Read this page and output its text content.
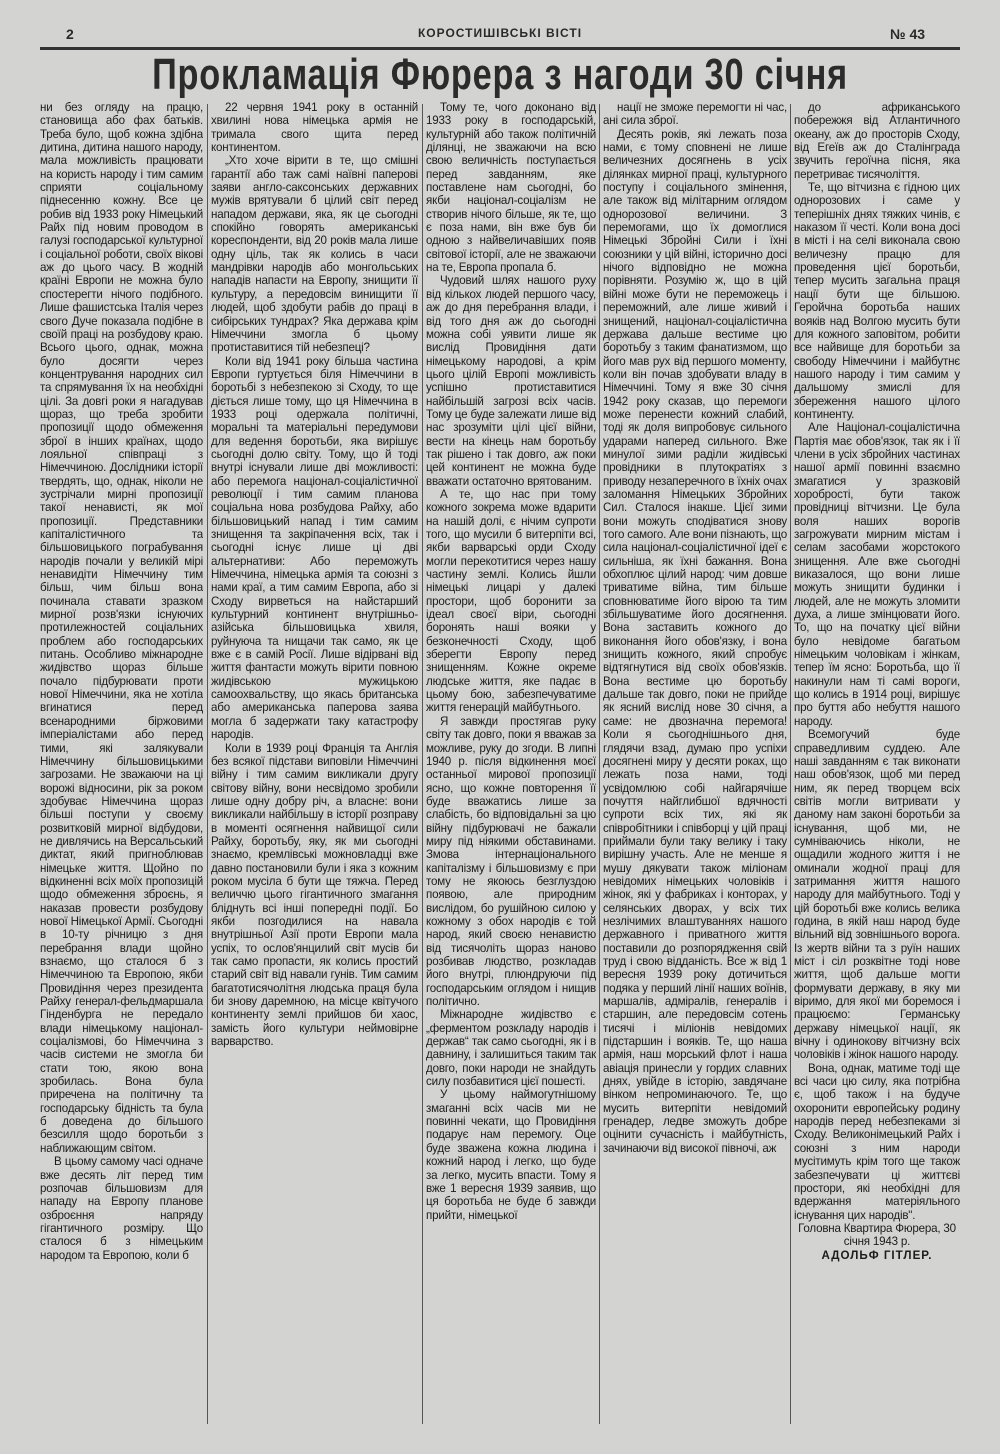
2	КОРОСТИШІВСЬКІ ВІСТІ	№ 43
Прокламація Фюрера з нагоди 30 січня

ни без огляду на працю, становища або фах батьків. Треба було, щоб кожна здібна дитина, дитина нашого народу, мала можливість працювати на користь народу і тим самим сприяти соціальному піднесенню кожну. Все це робив від 1933 року Німецький Райх під новим проводом в галузі господарської культурної і соціальної роботи, своїх вікові аж до цього часу. В жодній країні Европи не можна було спостерегти нічого подібного. Лише фашистська Італія через свого Дуче показала подібне в своїй праці на розбудову краю. Всього цього, однак, можна було досягти через концентрування народних сил та спрямування їх на необхідні цілі. За довгі роки я нагадував щораз, що треба зробити пропозиції щодо обмеження зброї в інших країнах, щодо лояльної співпраці з Німеччиною. Дослідники історії твердять, що, однак, ніколи не зустрічали мирні пропозиції такої ненависті, як мої пропозиції. Представники капіталістичного та більшовицького пограбування народів почали у великій мірі ненавидіти Німеччину тим більш, чим більш вона починала ставати зразком мирної розв'язки існуючих протилежностей соціальних проблем або господарських питань. Особливо міжнародне жидівство щораз більше почало підбурювати проти нової Німеччини, яка не хотіла вгинатися перед всенародними біржовими імперіалістами або перед тими, які залякували Німеччину більшовицькими загрозами. Не зважаючи на ці ворожі відносини, рік за роком здобуває Німеччина щораз більші поступи у своєму розвитковій мирної відбудови, не дивлячись на Версальський диктат, який пригноблював німецьке життя. Щойно по відкиненні всіх моїх пропозицій щодо обмеження зброєнь, я наказав провести розбудову нової Німецької Армії. Сьогодні в 10-ту річницю з дня перебрання влади щойно взнаємо, що сталося б з Німеччиною та Европою, якби Провидіння через президента Райху генерал-фельдмаршала Гінденбурга не передало влади німецькому націонал-соціалізмові, бо Німеччина з часів системи не змогла би стати тою, якою вона зробилась. Вона була приречена на політичну та господарську бідність та була б доведена до більшого безсилля щодо боротьби з наближающим світом.

В цьому самому часі одначе вже десять літ перед тим розпочав більшовизм для нападу на Европу планове озброєння напряду гігантичного розміру. Що сталося б з німецьким народом та Европою, коли б

22 червня 1941 року в останній хвилині нова німецька армія не тримала свого щита перед континентом.

„Хто хоче вірити в те, що смішні гарантії або таж самі наївні паперові заяви англо-саксонських державних мужів врятували б цілий світ перед нападом держави, яка, як це сьогодні спокійно говорять американські кореспонденти, від 20 років мала лише одну ціль, так як колись в часи мандрівки народів або монгольських нападів напасти на Европу, знищити її культуру, а передовсім винищити її людей, щоб здобути рабів до праці в сибірських тундрах? Яка держава крім Німеччини змогла б цьому протиставитися тій небезпеці?

Коли від 1941 року більша частина Европи гуртується біля Німеччини в боротьбі з небезпекою зі Сходу, то ще діється лише тому, що ця Німеччина в 1933 році одержала політичні, моральні та матеріальні передумови для ведення боротьби, яка вирішує сьогодні долю світу. Тому, що й тоді внутрі існували лише дві можливості: або перемога націонал-соціалістичної революції і тим самим планова соціальна нова розбудова Райху, або більшовицький напад і тим самим знищення та закріпачення всіх, так і сьогодні існує лише ці дві альтернативи: Або переможуть Німеччина, німецька армія та союзні з нами краї, а тим самим Европа, або зі Сходу вирветься на найстарший культурний континент внутрішньо-азійська більшовицька хвиля, руйнуюча та нищачи так само, як це вже є в самій Росії. Лише відірвані від життя фантасти можуть вірити повною жидівською мужицькою самоохвальству, що якась британська або американська паперова заява могла б задержати таку катастрофу народів.

Коли в 1939 році Франція та Англія без всякої підстави виповіли Німеччині війну і тим самим викликали другу світову війну, вони несвідомо зробили лише одну добру річ, а власне: вони викликали найбільшу в історії розправу в моменті осягнення найвищої сили Райху, боротьбу, яку, як ми сьогодні знаємо, кремлівські можновладці вже давно постановили були і яка з кожним роком мусіла б бути ще тяжча. Перед величчю цього гігантичного змагання бліднуть всі інші попередні події. Бо якби позгодилися на навала внутрішньої Азії проти Европи мала успіх, то ослов'янцилий світ мусів би так само пропасти, як колись простий старий світ від навали гунів. Тим самим багатотисячолітня людська праця була би знову даремною, на місце квітучого континенту землі прийшов би хаос, замість його культури неймовірне варварство.

Тому те, чого доконано від 1933 року в господарській, культурній або також політичній ділянці, не зважаючи на всю свою величність поступається перед завданням, яке поставлене нам сьогодні, бо якби націонал-соціалізм не створив нічого більше, як те, що є поза нами, він вже був би одною з найвеличавіших появ світової історії, але не зважаючи на те, Европа пропала б.

Чудовий шлях нашого руху від кількох людей першого часу, аж до дня перебрання влади, і від того дня аж до сьогодні можна собі уявити лише як вислід Провидіння дати німецькому народові, а крім цього цілій Европі можливість успішно протиставитися найбільшій загрозі всіх часів. Тому це буде залежати лише від нас зрозуміти цілі цієї війни, вести на кінець нам боротьбу так рішено і так довго, аж поки цей континент не можна буде вважати остаточно врятованим.

А те, що нас при тому кожного зокрема може вдарити на нашій долі, є нічим супроти того, що мусили б витерпіти всі, якби варварські орди Сходу могли перекотитися через нашу частину землі. Колись йшли німецькі лицарі у далекі простори, щоб боронити за ідеал своєї віри, сьогодні боронять наші вояки у безконечності Сходу, щоб зберегти Европу перед знищенням. Кожне окреме людське життя, яке падає в цьому бою, забезпечуватиме життя генерацій майбутнього.

Я завжди простягав руку світу так довго, поки я вважав за можливе, руку до згоди. В липні 1940 р. після відкинення моєї останньої мирової пропозиції ясно, що кожне повторення її буде вважатись лише за слабість, бо відповідальні за цю війну підбурювачі не бажали миру під ніякими обставинами. Змова інтернаціонального капіталізму і більшовизму є при тому не якоюсь безглуздою появою, але природним вислідом, бо рушійною силою у кожному з обох народів є той народ, який своєю ненавистю від тисячоліть щораз наново розбивав людство, розкладав його внутрі, плюндруючи під господарським оглядом і нищив політично.

Міжнародне жидівство є „ферментом розкладу народів і держав“ так само сьогодні, як і в давнину, і залишиться таким так довго, поки народи не знайдуть силу позбавитися цієї пошесті.

У цьому наймогутнішому змаганні всіх часів ми не повинні чекати, що Провидіння подарує нам перемогу. Оце буде зважена кожна людина і кожний народ і легко, що буде за легко, мусить впасти. Тому я вже 1 вересня 1939 заявив, що ця боротьба не буде б завжди прийти, німецької

нації не зможе перемогти ні час, ані сила зброї.

Десять років, які лежать поза нами, є тому сповнені не лише величезних досягнень в усіх ділянках мирної праці, культурного поступу і соціального змінення, але також від мілітарним оглядом однорозової величини. З перемогами, що їх домоглися Німецькі Збройні Сили і їхні союзники у цій війні, історично досі нічого відповідно не можна порівняти. Розумію ж, що в цій війні може бути не переможець і переможний, але лише живий і знищений, націонал-соціалістична держава дальше вестиме цю боротьбу з таким фанатизмом, що його мав рух від першого моменту, коли він почав здобувати владу в Німеччині. Тому я вже 30 січня 1942 року сказав, що перемоги може перенести кожний слабий, тоді як доля випробовує сильного ударами наперед сильного. Вже минулої зими раділи жидівські провідники в плутократіях з приводу незаперечного в їхніх очах заломання Німецьких Збройних Сил. Сталося інакше. Цієї зими вони можуть сподіватися знову того самого. Але вони пізнають, що сила націонал-соціалістичної ідеї є сильніша, як їхні бажання. Вона обхоплює цілий народ: чим довше триватиме війна, тим більше сповнюватиме його вірою та тим збільшуватиме його досягнення. Вона заставить кожного до виконання його обов'язку, і вона знищить кожного, який спробує відтягнутися від своїх обов'язків. Вона вестиме цю боротьбу дальше так довго, поки не прийде як ясний вислід нове 30 січня, а саме: не двозначна перемога! Коли я сьогоднішнього дня, глядячи взад, думаю про успіхи досягнені миру у десяти роках, що лежать поза нами, тоді усвідомлюю собі найгарячіше почуття найглибшої вдячності супроти всіх тих, які як співробітники і співборці у цій праці приймали були таку велику і таку вирішну участь. Але не менше я мушу дякувати також міліонам невідомих німецьких чоловіків і жінок, які у фабриках і конторах, у селянських дворах, у всіх тих незлічимих влаштуваннях нашого державного і приватного життя поставили до розпорядження свій труд і свою відданість. Все ж від 1 вересня 1939 року дотичиться подяка у перший лінії наших воїнів, маршалів, адміралів, генералів і старшин, але передовсім сотень тисячі і міліонів невідомих підстаршин і вояків. Те, що наша армія, наш морський флот і наша авіація принесли у гордих славних днях, увійде в історію, завдячане вінком непроминаючого. Те, що мусить витерпіти невідомий гренадер, ледве зможуть добре оцінити сучасність і майбутність, зачинаючи від високої півночі, аж

до африканського побережжя від Атлантичного океану, аж до просторів Сходу, від Егеїв аж до Сталінграда звучить героїчна пісня, яка перетриває тисячоліття.

Те, що вітчизна є гідною цих однорозових і саме у теперішніх днях тяжких чинів, є наказом її честі. Коли вона досі в місті і на селі виконала свою величезну працю для проведення цієї боротьби, тепер мусить загальна праця нації бути ще більшою. Геройчна боротьба наших вояків над Волгою мусить бути для кожного заповітом, робити все найвище для боротьби за свободу Німеччини і майбутнє нашого народу і тим самим у дальшому змислі для збереження нашого цілого континенту.

Але Націонал-соціалістична Партія має обов'язок, так як і її члени в усіх збройних частинах нашої армії повинні взаємно змагатися у зразковій хоробрості, бути також провідниці вітчизни. Це була воля наших ворогів загрожувати мирним містам і селам засобами жорстокого знищення. Але вже сьогодні виказалося, що вони лише можуть знищити будинки і людей, але не можуть зломити духа, а лише змінцювати його. То, що на початку цієї війни було невідоме багатьом німецьким чоловікам і жінкам, тепер їм ясно: Боротьба, що її накинули нам ті самі вороги, що колись в 1914 році, вирішує про буття або небуття нашого народу.

Всемогучий буде справедливим суддею. Але наші завданням є так виконати наш обов'язок, щоб ми перед ним, як перед творцем всіх світів могли витривати у даному нам законі боротьби за існування, щоб ми, не сумніваючись ніколи, не ощадили жодного життя і не оминали жодної праці для затримання життя нашого народу для майбутнього. Тоді у цій боротьбі вже колись велика година, в якій наш народ буде вільний від зовнішнього ворога. Із жертв війни та з руїн наших міст і сіл розквітне тоді нове життя, щоб дальше могти формувати державу, в яку ми віримо, для якої ми боремося і працюємо: Германську державу німецької нації, як вічну і одинокову вітчизну всіх чоловіків і жінок нашого народу.

Вона, однак, матиме тоді ще всі часи цю силу, яка потрібна є, щоб також і на будуче охоронити европейську родину народів перед небезпеками зі Сходу. Великонімецький Райх і союзні з ним народи мусітимуть крім того ще також забезпечувати ці життєві простори, які необхідні для вдержання матеріяльного існування цих народів".

Головна Квартира Фюрера, 30 січня 1943 р.

АДОЛЬФ ГІТЛЕР.
